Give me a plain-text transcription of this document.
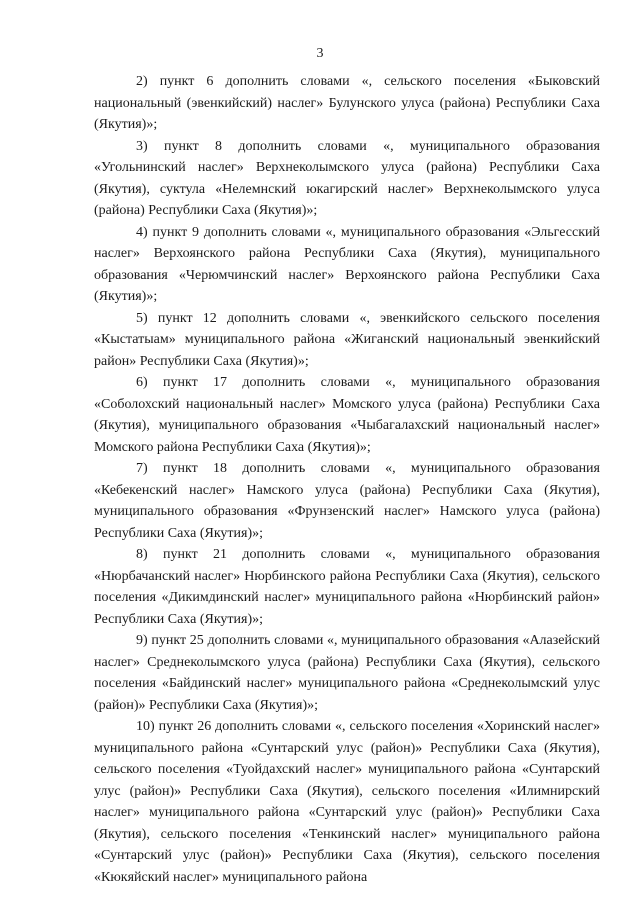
3

2) пункт 6 дополнить словами «, сельского поселения «Быковский национальный (эвенкийский) наслег» Булунского улуса (района) Республики Саха (Якутия)»;

3) пункт 8 дополнить словами «, муниципального образования «Угольнинский наслег» Верхнеколымского улуса (района) Республики Саха (Якутия), суктула «Нелемнский юкагирский наслег» Верхнеколымского улуса (района) Республики Саха (Якутия)»;

4) пункт 9 дополнить словами «, муниципального образования «Эльгесский наслег» Верхоянского района Республики Саха (Якутия), муниципального образования «Черюмчинский наслег» Верхоянского района Республики Саха (Якутия)»;

5) пункт 12 дополнить словами «, эвенкийского сельского поселения «Кыстатыам» муниципального района «Жиганский национальный эвенкийский район» Республики Саха (Якутия)»;

6) пункт 17 дополнить словами «, муниципального образования «Соболохский национальный наслег» Момского улуса (района) Республики Саха (Якутия), муниципального образования «Чыбагалахский национальный наслег» Момского района Республики Саха (Якутия)»;

7) пункт 18 дополнить словами «, муниципального образования «Кебекенский наслег» Намского улуса (района) Республики Саха (Якутия), муниципального образования «Фрунзенский наслег» Намского улуса (района) Республики Саха (Якутия)»;

8) пункт 21 дополнить словами «, муниципального образования «Нюрбачанский наслег» Нюрбинского района Республики Саха (Якутия), сельского поселения «Дикимдинский наслег» муниципального района «Нюрбинский район» Республики Саха (Якутия)»;

9) пункт 25 дополнить словами «, муниципального образования «Алазейский наслег» Среднеколымского улуса (района) Республики Саха (Якутия), сельского поселения «Байдинский наслег» муниципального района «Среднеколымский улус (район)» Республики Саха (Якутия)»;

10) пункт 26 дополнить словами «, сельского поселения «Хоринский наслег» муниципального района «Сунтарский улус (район)» Республики Саха (Якутия), сельского поселения «Туойдахский наслег» муниципального района «Сунтарский улус (район)» Республики Саха (Якутия), сельского поселения «Илимнирский наслег» муниципального района «Сунтарский улус (район)» Республики Саха (Якутия), сельского поселения «Тенкинский наслег» муниципального района «Сунтарский улус (район)» Республики Саха (Якутия), сельского поселения «Кюкяйский наслег» муниципального района
